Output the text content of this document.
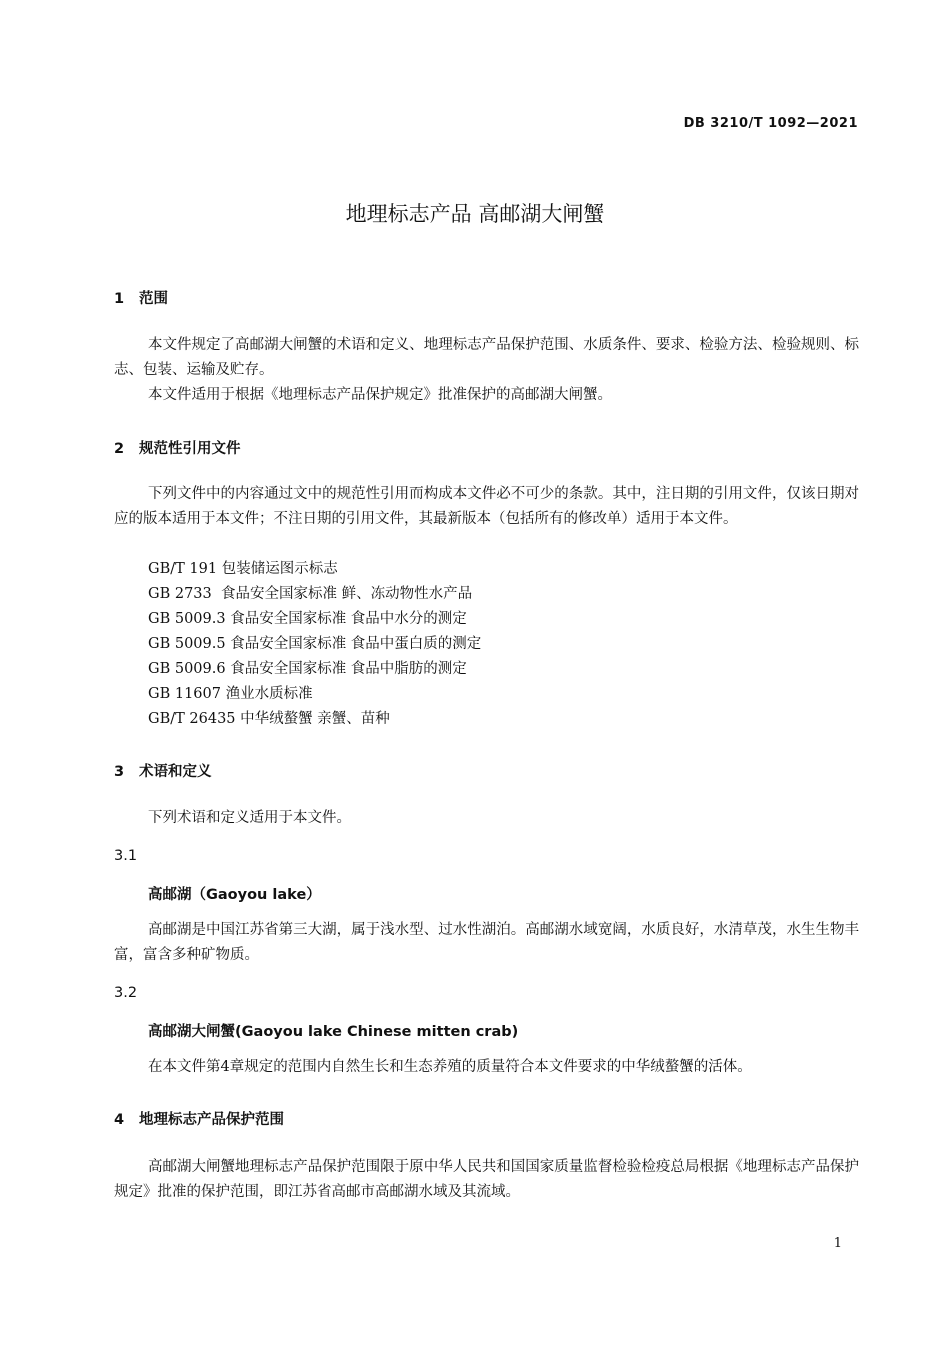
DB 3210/T 1092—2021
地理标志产品 高邮湖大闸蟹
1 范围
本文件规定了高邮湖大闸蟹的术语和定义、地理标志产品保护范围、水质条件、要求、检验方法、检验规则、标志、包装、运输及贮存。
本文件适用于根据《地理标志产品保护规定》批准保护的高邮湖大闸蟹。
2 规范性引用文件
下列文件中的内容通过文中的规范性引用而构成本文件必不可少的条款。其中，注日期的引用文件，仅该日期对应的版本适用于本文件；不注日期的引用文件，其最新版本（包括所有的修改单）适用于本文件。
GB/T 191 包装储运图示标志
GB 2733  食品安全国家标准 鲜、冻动物性水产品
GB 5009.3 食品安全国家标准 食品中水分的测定
GB 5009.5 食品安全国家标准 食品中蛋白质的测定
GB 5009.6 食品安全国家标准 食品中脂肪的测定
GB 11607 渔业水质标准
GB/T 26435 中华绒螯蟹 亲蟹、苗种
3 术语和定义
下列术语和定义适用于本文件。
3.1
高邮湖（Gaoyou lake）
高邮湖是中国江苏省第三大湖，属于浅水型、过水性湖泊。高邮湖水域宽阔，水质良好，水清草茂，水生生物丰富，富含多种矿物质。
3.2
高邮湖大闸蟹(Gaoyou lake Chinese mitten crab)
在本文件第4章规定的范围内自然生长和生态养殖的质量符合本文件要求的中华绒螯蟹的活体。
4 地理标志产品保护范围
高邮湖大闸蟹地理标志产品保护范围限于原中华人民共和国国家质量监督检验检疫总局根据《地理标志产品保护规定》批准的保护范围，即江苏省高邮市高邮湖水域及其流域。
1
